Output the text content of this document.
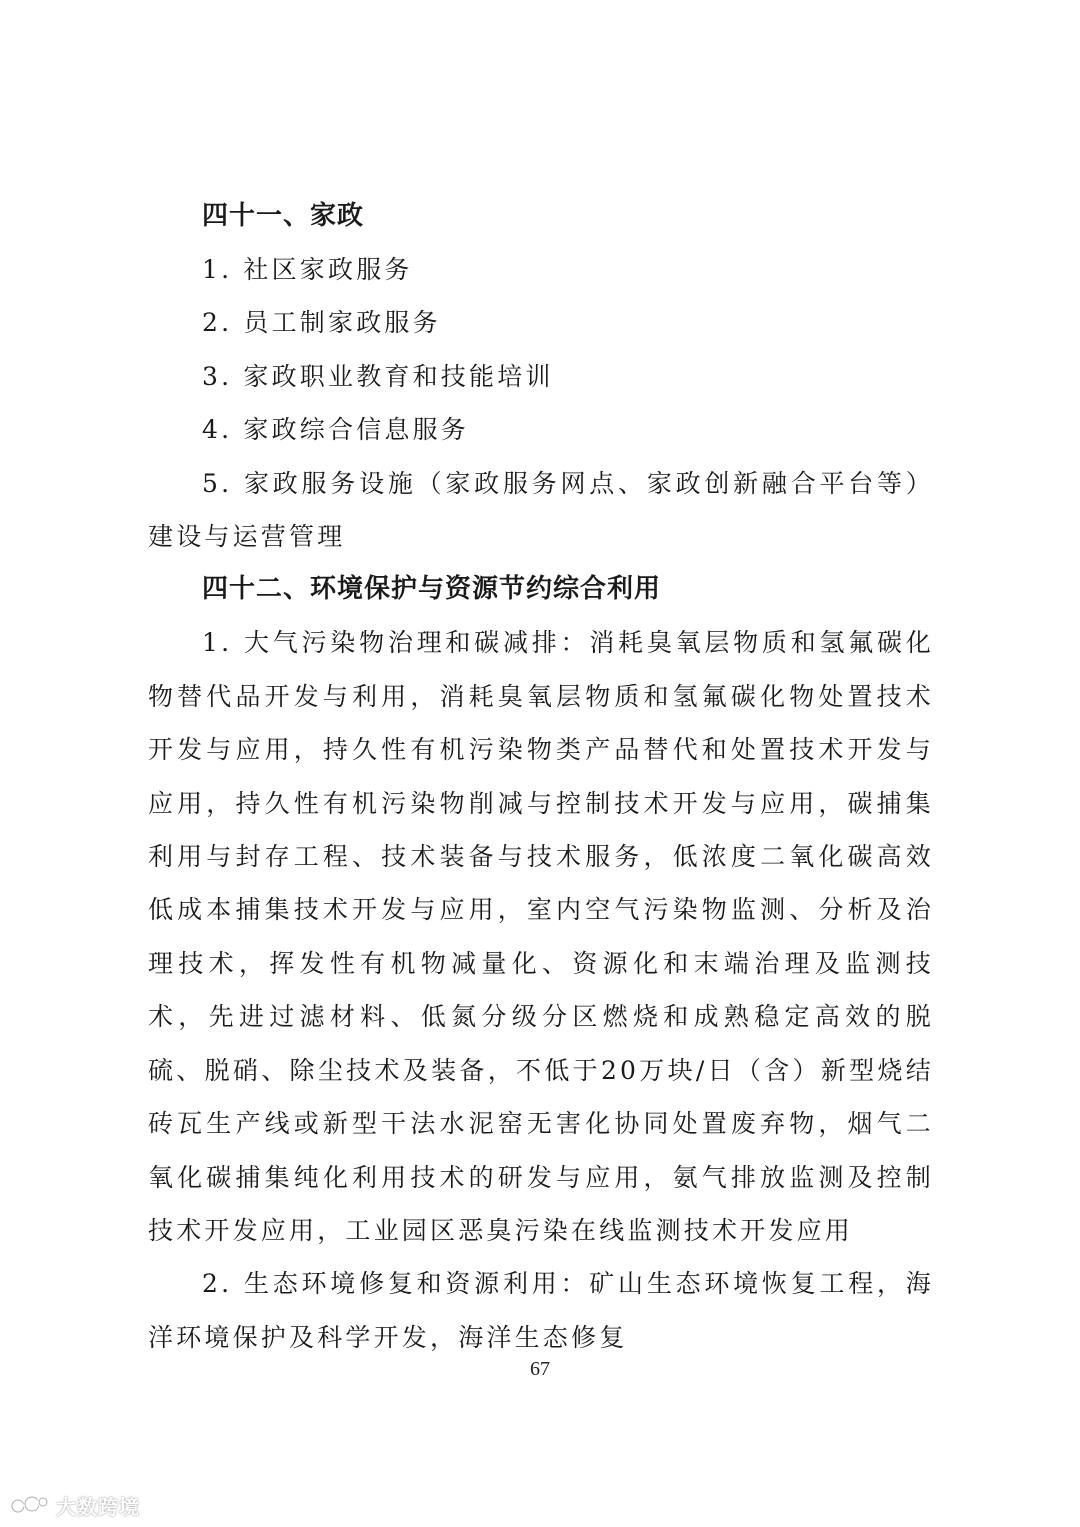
四十一、家政

1. 社区家政服务

2. 员工制家政服务

3. 家政职业教育和技能培训

4. 家政综合信息服务

5. 家政服务设施（家政服务网点、家政创新融合平台等）建设与运营管理

四十二、环境保护与资源节约综合利用

1. 大气污染物治理和碳减排：消耗臭氧层物质和氢氟碳化物替代品开发与利用，消耗臭氧层物质和氢氟碳化物处置技术开发与应用，持久性有机污染物类产品替代和处置技术开发与应用，持久性有机污染物削减与控制技术开发与应用，碳捕集利用与封存工程、技术装备与技术服务，低浓度二氧化碳高效低成本捕集技术开发与应用，室内空气污染物监测、分析及治理技术，挥发性有机物减量化、资源化和末端治理及监测技术，先进过滤材料、低氮分级分区燃烧和成熟稳定高效的脱硫、脱硝、除尘技术及装备，不低于20万块/日（含）新型烧结砖瓦生产线或新型干法水泥窑无害化协同处置废弃物，烟气二氧化碳捕集纯化利用技术的研发与应用，氨气排放监测及控制技术开发应用，工业园区恶臭污染在线监测技术开发应用

2. 生态环境修复和资源利用：矿山生态环境恢复工程，海洋环境保护及科学开发，海洋生态修复

67
大数跨境
